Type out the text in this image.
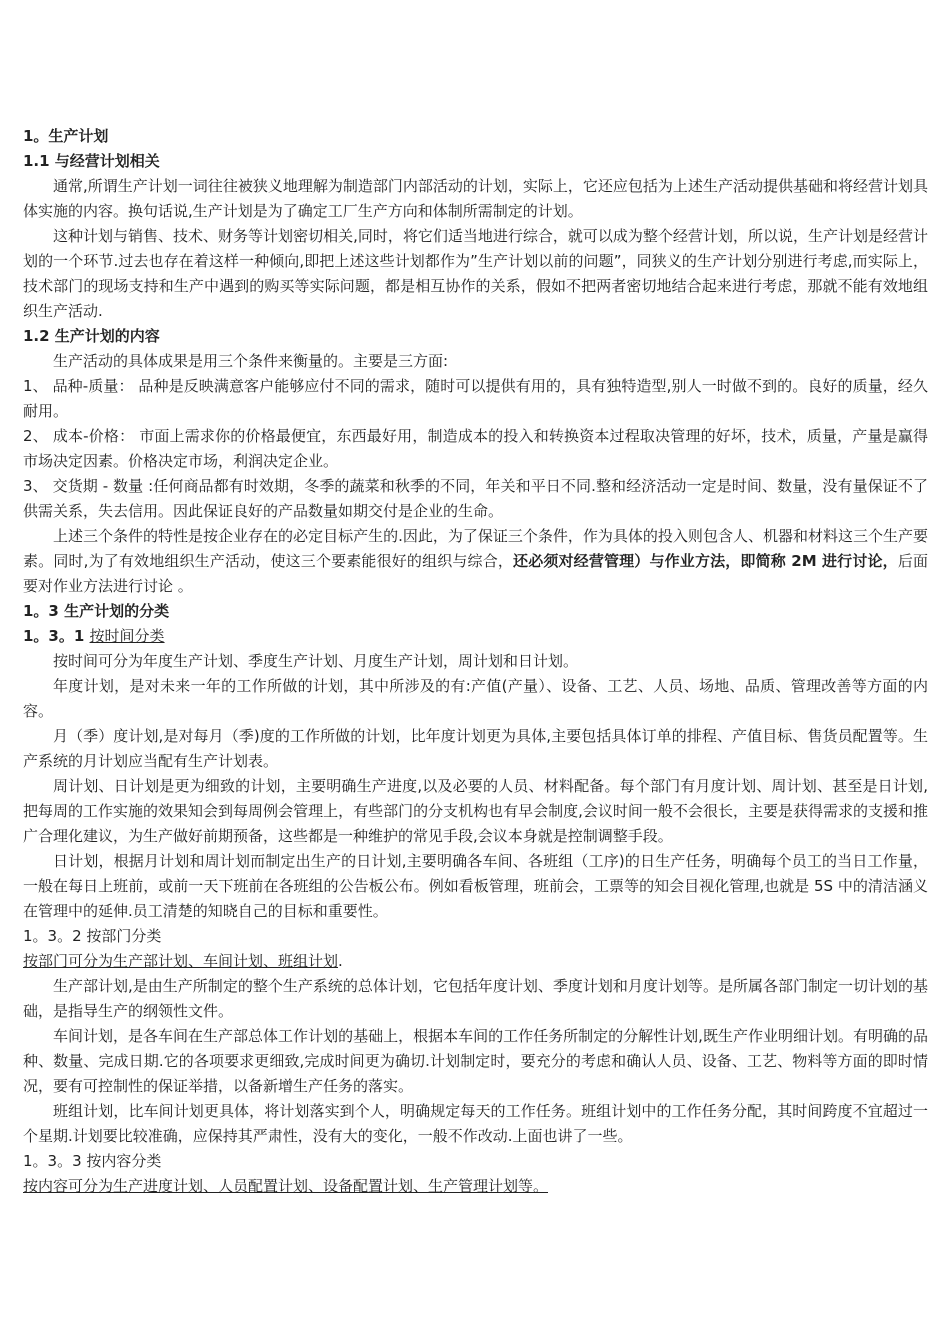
1。生产计划
1.1 与经营计划相关
通常,所谓生产计划一词往往被狭义地理解为制造部门内部活动的计划，实际上，它还应包括为上述生产活动提供基础和将经营计划具体实施的内容。换句话说,生产计划是为了确定工厂生产方向和体制所需制定的计划。
这种计划与销售、技术、财务等计划密切相关,同时，将它们适当地进行综合，就可以成为整个经营计划，所以说，生产计划是经营计划的一个环节.过去也存在着这样一种倾向,即把上述这些计划都作为”生产计划以前的问题”，同狭义的生产计划分别进行考虑,而实际上，技术部门的现场支持和生产中遇到的购买等实际问题，都是相互协作的关系，假如不把两者密切地结合起来进行考虑，那就不能有效地组织生产活动.
1.2 生产计划的内容
生产活动的具体成果是用三个条件来衡量的。主要是三方面:
1、 品种-质量： 品种是反映满意客户能够应付不同的需求，随时可以提供有用的，具有独特造型,别人一时做不到的。良好的质量，经久耐用。
2、 成本-价格： 市面上需求你的价格最便宜，东西最好用，制造成本的投入和转换资本过程取决管理的好坏，技术，质量，产量是赢得市场决定因素。价格决定市场，利润决定企业。
3、 交货期 - 数量 :任何商品都有时效期，冬季的蔬菜和秋季的不同，年关和平日不同.整和经济活动一定是时间、数量，没有量保证不了供需关系，失去信用。因此保证良好的产品数量如期交付是企业的生命。
上述三个条件的特性是按企业存在的必定目标产生的.因此，为了保证三个条件，作为具体的投入则包含人、机器和材料这三个生产要素。同时,为了有效地组织生产活动，使这三个要素能很好的组织与综合，还必须对经营管理）与作业方法，即简称 2M 进行讨论，后面要对作业方法进行讨论 。
1。3 生产计划的分类
1。3。1 按时间分类
按时间可分为年度生产计划、季度生产计划、月度生产计划，周计划和日计划。
年度计划，是对未来一年的工作所做的计划，其中所涉及的有:产值(产量）、设备、工艺、人员、场地、品质、管理改善等方面的内容。
月（季）度计划,是对每月（季)度的工作所做的计划，比年度计划更为具体,主要包括具体订单的排程、产值目标、售货员配置等。生产系统的月计划应当配有生产计划表。
周计划、日计划是更为细致的计划，主要明确生产进度,以及必要的人员、材料配备。每个部门有月度计划、周计划、甚至是日计划,把每周的工作实施的效果知会到每周例会管理上，有些部门的分支机构也有早会制度,会议时间一般不会很长，主要是获得需求的支援和推广合理化建议，为生产做好前期预备，这些都是一种维护的常见手段,会议本身就是控制调整手段。
日计划，根据月计划和周计划而制定出生产的日计划,主要明确各车间、各班组（工序)的日生产任务，明确每个员工的当日工作量，一般在每日上班前，或前一天下班前在各班组的公告板公布。例如看板管理，班前会，工票等的知会目视化管理,也就是 5S 中的清洁涵义在管理中的延伸.员工清楚的知晓自己的目标和重要性。
1。3。2 按部门分类
按部门可分为生产部计划、车间计划、班组计划.
生产部计划,是由生产所制定的整个生产系统的总体计划，它包括年度计划、季度计划和月度计划等。是所属各部门制定一切计划的基础，是指导生产的纲领性文件。
车间计划，是各车间在生产部总体工作计划的基础上，根据本车间的工作任务所制定的分解性计划,既生产作业明细计划。有明确的品种、数量、完成日期.它的各项要求更细致,完成时间更为确切.计划制定时，要充分的考虑和确认人员、设备、工艺、物料等方面的即时情况，要有可控制性的保证举措，以备新增生产任务的落实。
班组计划，比车间计划更具体，将计划落实到个人，明确规定每天的工作任务。班组计划中的工作任务分配，其时间跨度不宜超过一个星期.计划要比较准确，应保持其严肃性，没有大的变化，一般不作改动.上面也讲了一些。
1。3。3 按内容分类
按内容可分为生产进度计划、人员配置计划、设备配置计划、生产管理计划等。
